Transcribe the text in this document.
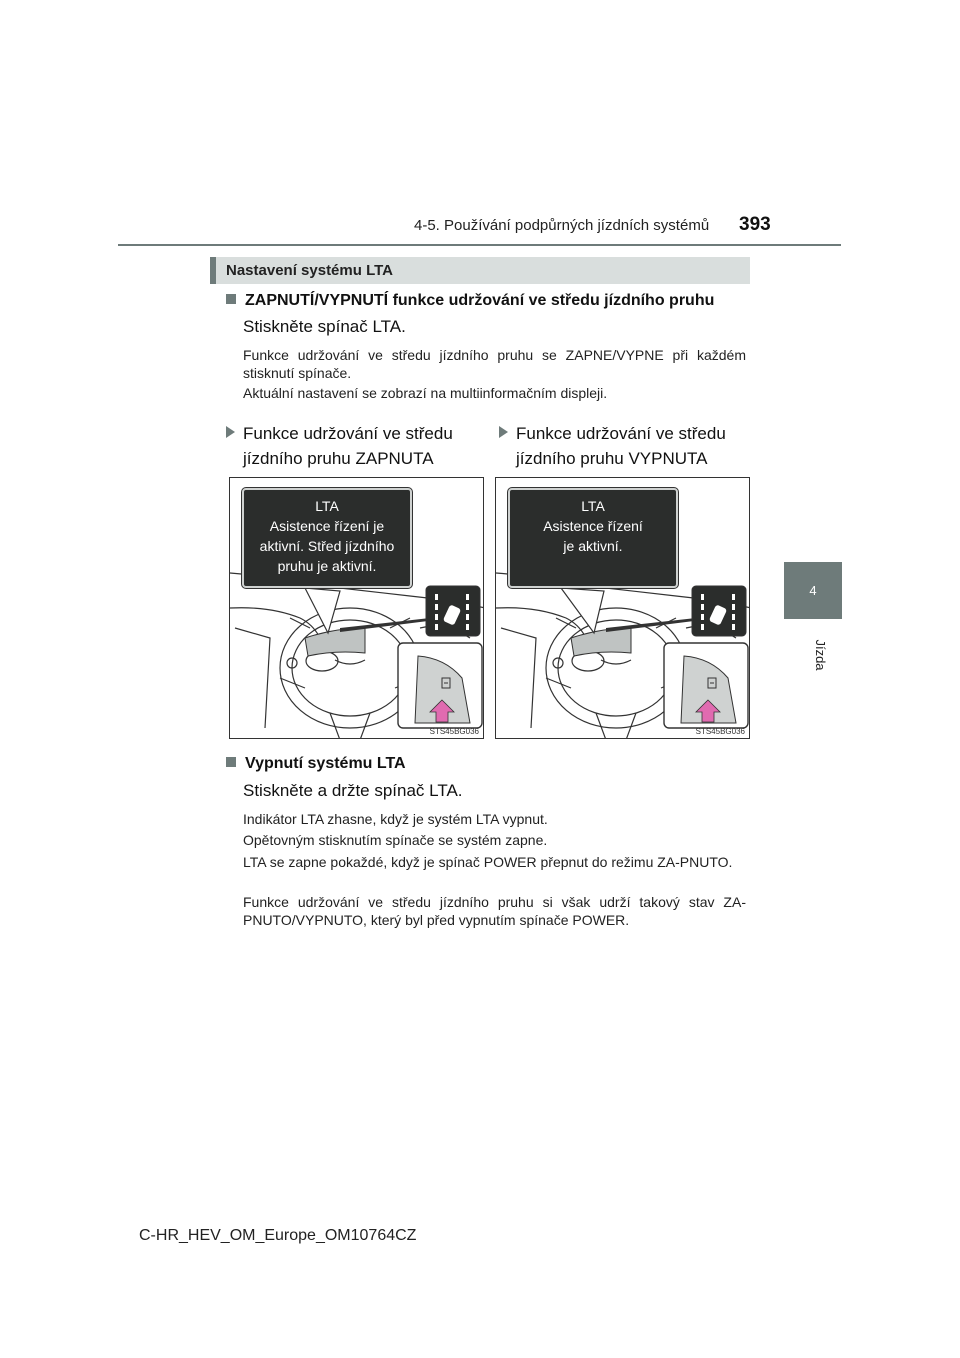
4-5. Používání podpůrných jízdních systémů 393
4
Jízda
Nastavení systému LTA
ZAPNUTÍ/VYPNUTÍ funkce udržování ve středu jízdního pruhu
Stiskněte spínač LTA.
Funkce udržování ve středu jízdního pruhu se ZAPNE/VYPNE při každém stisknutí spínače.
Aktuální nastavení se zobrazí na multiinformačním displeji.
Funkce udržování ve středu
jízdního pruhu ZAPNUTA
Funkce udržování ve středu
jízdního pruhu VYPNUTA
LTA
Asistence řízení je
aktivní. Střed jízdního
pruhu je aktivní.
STS45BG036
LTA
Asistence řízení
je aktivní.
STS45BG036
Vypnutí systému LTA
Stiskněte a držte spínač LTA.
Indikátor LTA zhasne, když je systém LTA vypnut.
Opětovným stisknutím spínače se systém zapne.
LTA se zapne pokaždé, když je spínač POWER přepnut do režimu ZA-PNUTO.
Funkce udržování ve středu jízdního pruhu si však udrží takový stav ZA-PNUTO/VYPNUTO, který byl před vypnutím spínače POWER.
C-HR_HEV_OM_Europe_OM10764CZ
